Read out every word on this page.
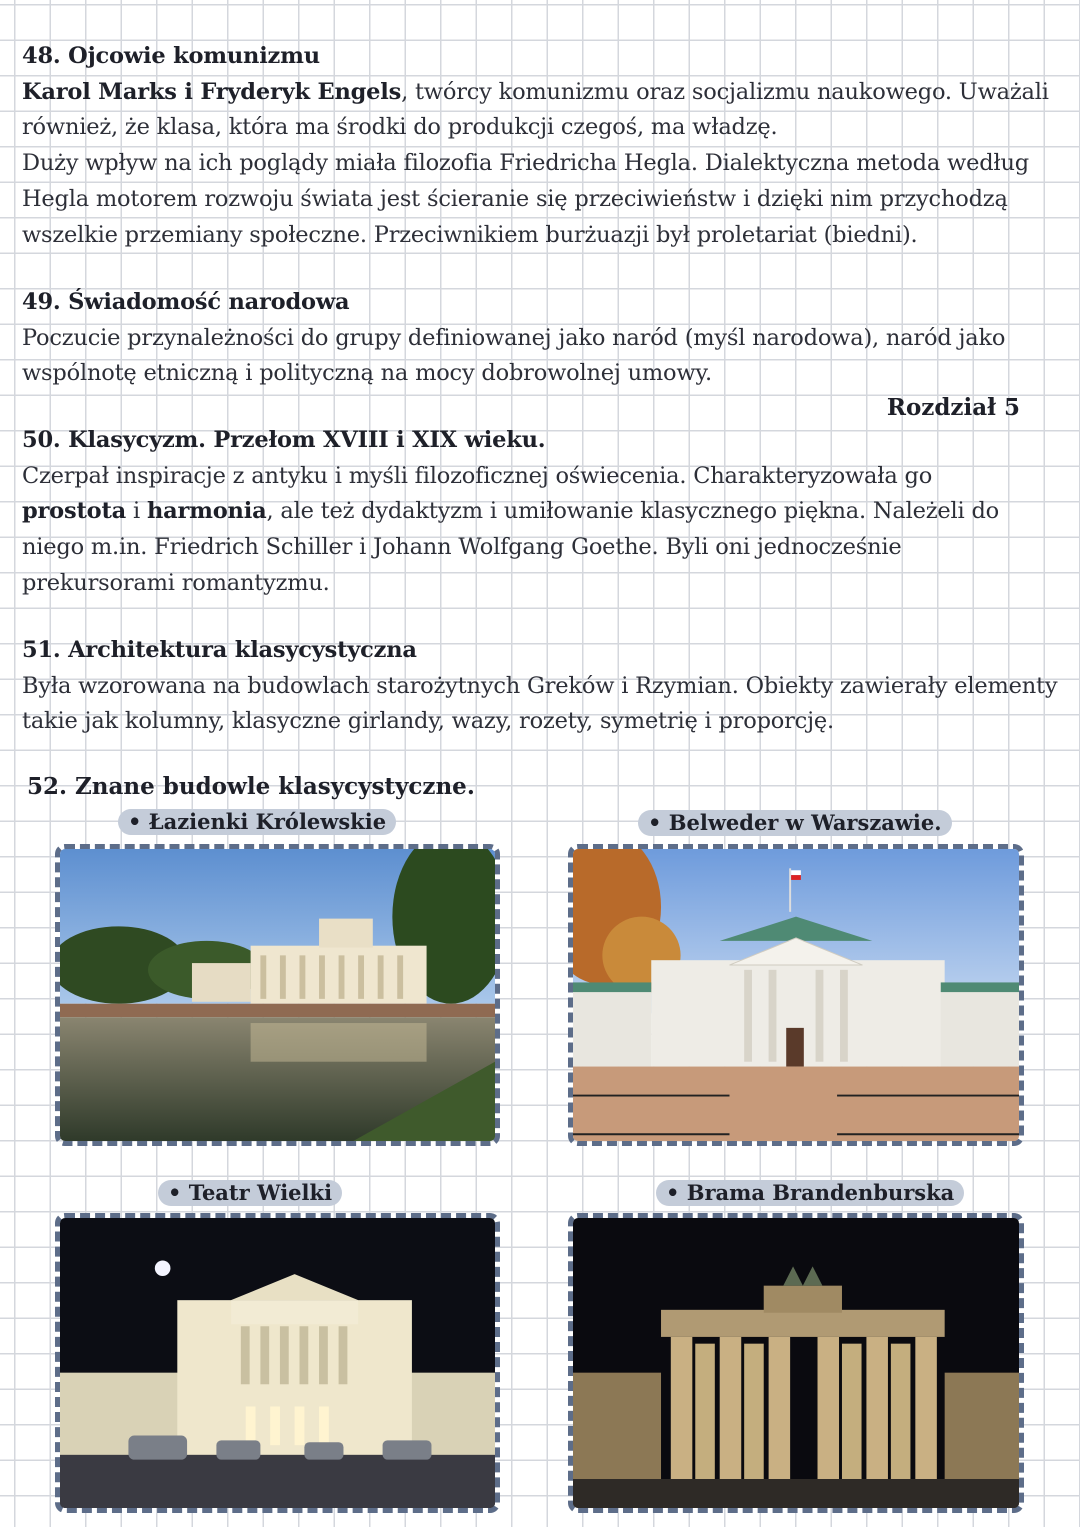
48. Ojcowie komunizmu
Karol Marks i Fryderyk Engels, twórcy komunizmu oraz socjalizmu naukowego. Uważali
również, że klasa, która ma środki do produkcji czegoś, ma władzę.
Duży wpływ na ich poglądy miała filozofia Friedricha Hegla. Dialektyczna metoda według
Hegla motorem rozwoju świata jest ścieranie się przeciwieństw i dzięki nim przychodzą
wszelkie przemiany społeczne. Przeciwnikiem burżuazji był proletariat (biedni).
49. Świadomość narodowa
Poczucie przynależności do grupy definiowanej jako naród (myśl narodowa), naród jako
wspólnotę etniczną i polityczną na mocy dobrowolnej umowy.
Rozdział 5
50. Klasycyzm. Przełom XVIII i XIX wieku.
Czerpał inspiracje z antyku i myśli filozoficznej oświecenia. Charakteryzowała go
prostota i harmonia, ale też dydaktyzm i umiłowanie klasycznego piękna. Należeli do
niego m.in. Friedrich Schiller i Johann Wolfgang Goethe. Byli oni jednocześnie
prekursorami romantyzmu.
51. Architektura klasycystyczna
Była wzorowana na budowlach starożytnych Greków i Rzymian. Obiekty zawierały elementy
takie jak kolumny, klasyczne girlandy, wazy, rozety, symetrię i proporcję.
52. Znane budowle klasycystyczne.
• Łazienki Królewskie	• Belweder w Warszawie.
• Teatr Wielki	• Brama Brandenburska
